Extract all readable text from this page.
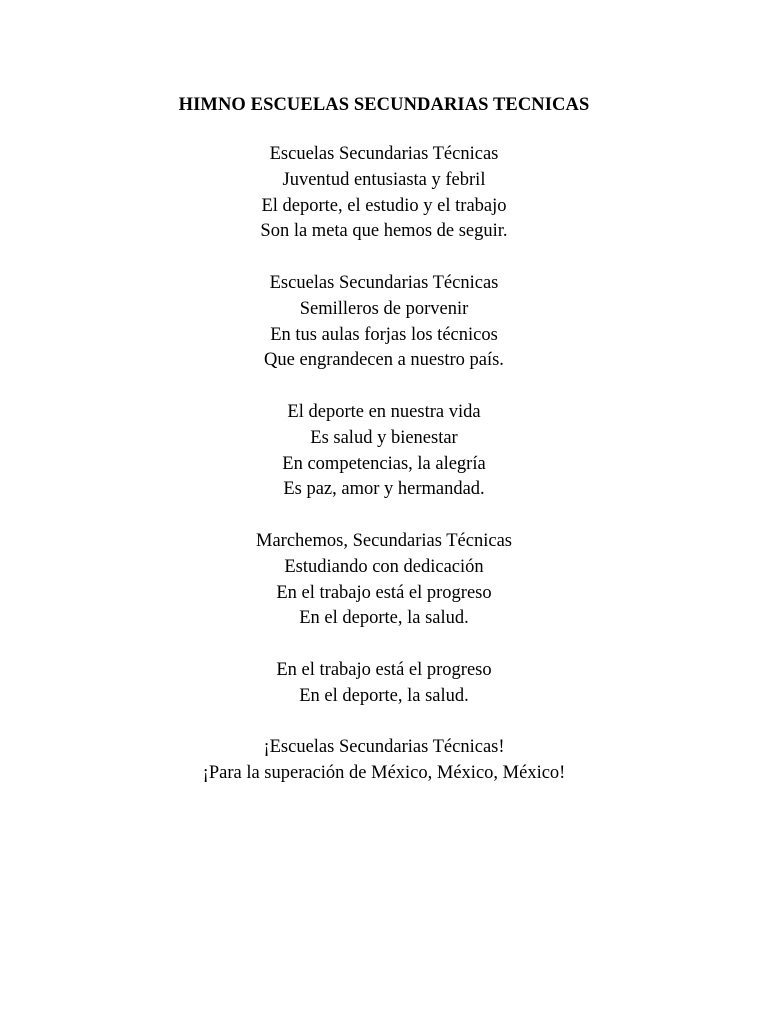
HIMNO ESCUELAS SECUNDARIAS TECNICAS
Escuelas Secundarias Técnicas
Juventud entusiasta y febril
El deporte, el estudio y el trabajo
Son la meta que hemos de seguir.
Escuelas Secundarias Técnicas
Semilleros de porvenir
En tus aulas forjas los técnicos
Que engrandecen a nuestro país.
El deporte en nuestra vida
Es salud y bienestar
En competencias, la alegría
Es paz, amor y hermandad.
Marchemos, Secundarias Técnicas
Estudiando con dedicación
En el trabajo está el progreso
En el deporte, la salud.
En el trabajo está el progreso
En el deporte, la salud.
¡Escuelas Secundarias Técnicas!
¡Para la superación de México, México, México!
